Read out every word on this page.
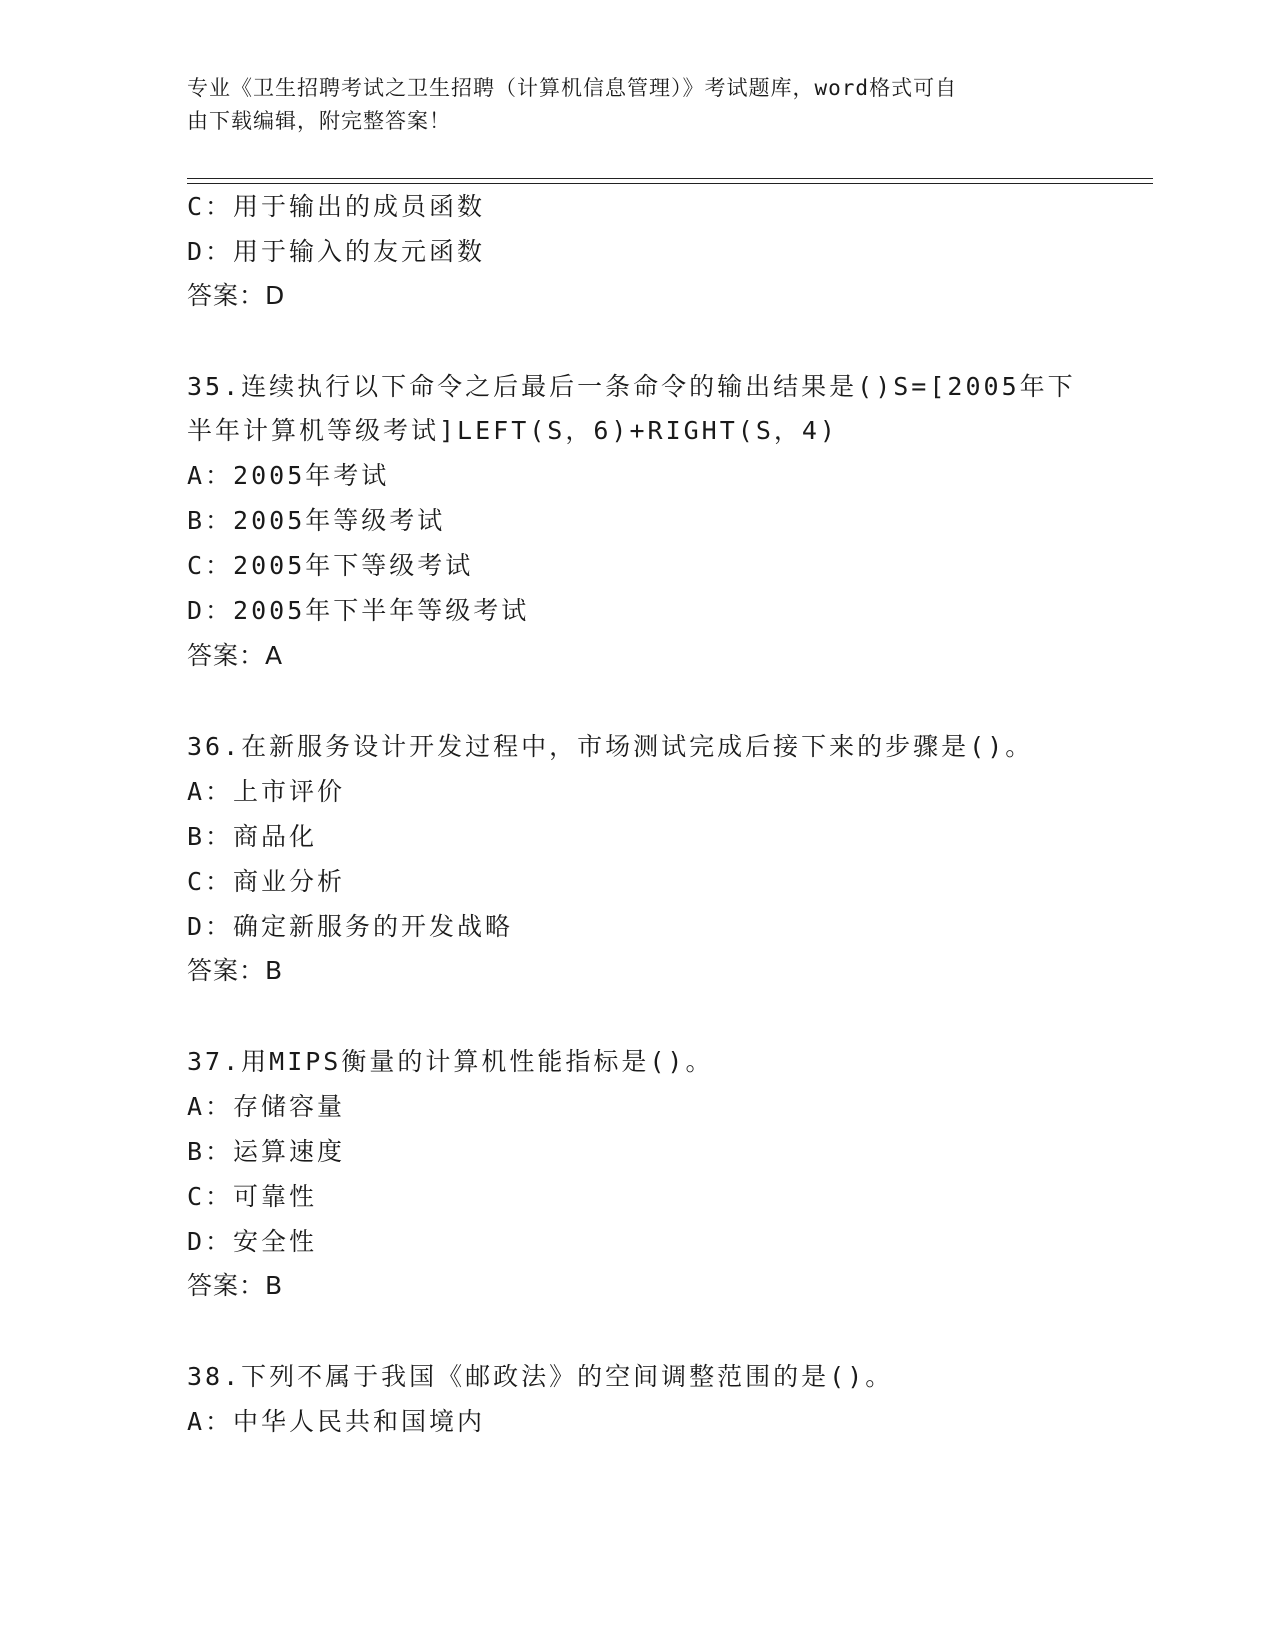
专业《卫生招聘考试之卫生招聘（计算机信息管理）》考试题库，word格式可自
由下载编辑，附完整答案！
C：用于输出的成员函数
D：用于输入的友元函数
答案：D
35.连续执行以下命令之后最后一条命令的输出结果是()S=[2005年下
半年计算机等级考试]LEFT(S，6)+RIGHT(S，4)
A：2005年考试
B：2005年等级考试
C：2005年下等级考试
D：2005年下半年等级考试
答案：A
36.在新服务设计开发过程中，市场测试完成后接下来的步骤是()。
A：上市评价
B：商品化
C：商业分析
D：确定新服务的开发战略
答案：B
37.用MIPS衡量的计算机性能指标是()。
A：存储容量
B：运算速度
C：可靠性
D：安全性
答案：B
38.下列不属于我国《邮政法》的空间调整范围的是()。
A：中华人民共和国境内
